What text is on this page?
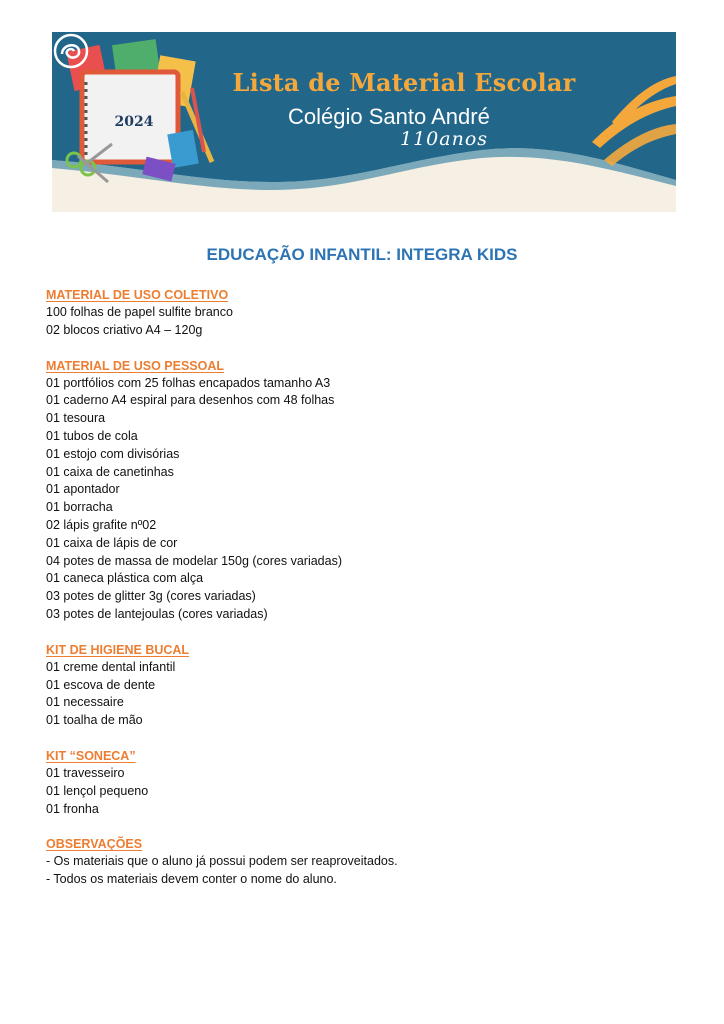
2024
Lista de Material Escolar
Colégio Santo André
110anos
EDUCAÇÃO INFANTIL: INTEGRA KIDS
MATERIAL DE USO COLETIVO
100 folhas de papel sulfite branco
02 blocos criativo A4 – 120g
MATERIAL DE USO PESSOAL
01 portfólios com 25 folhas encapados tamanho A3
01 caderno A4 espiral para desenhos com 48 folhas
01 tesoura
01 tubos de cola
01 estojo com divisórias
01 caixa de canetinhas
01 apontador
01 borracha
02 lápis grafite nº02
01 caixa de lápis de cor
04 potes de massa de modelar 150g (cores variadas)
01 caneca plástica com alça
03 potes de glitter 3g (cores variadas)
03 potes de lantejoulas (cores variadas)
KIT DE HIGIENE BUCAL
01 creme dental infantil
01 escova de dente
01 necessaire
01 toalha de mão
KIT “SONECA”
01 travesseiro
01 lençol pequeno
01 fronha
OBSERVAÇÕES
- Os materiais que o aluno já possui podem ser reaproveitados.
- Todos os materiais devem conter o nome do aluno.
